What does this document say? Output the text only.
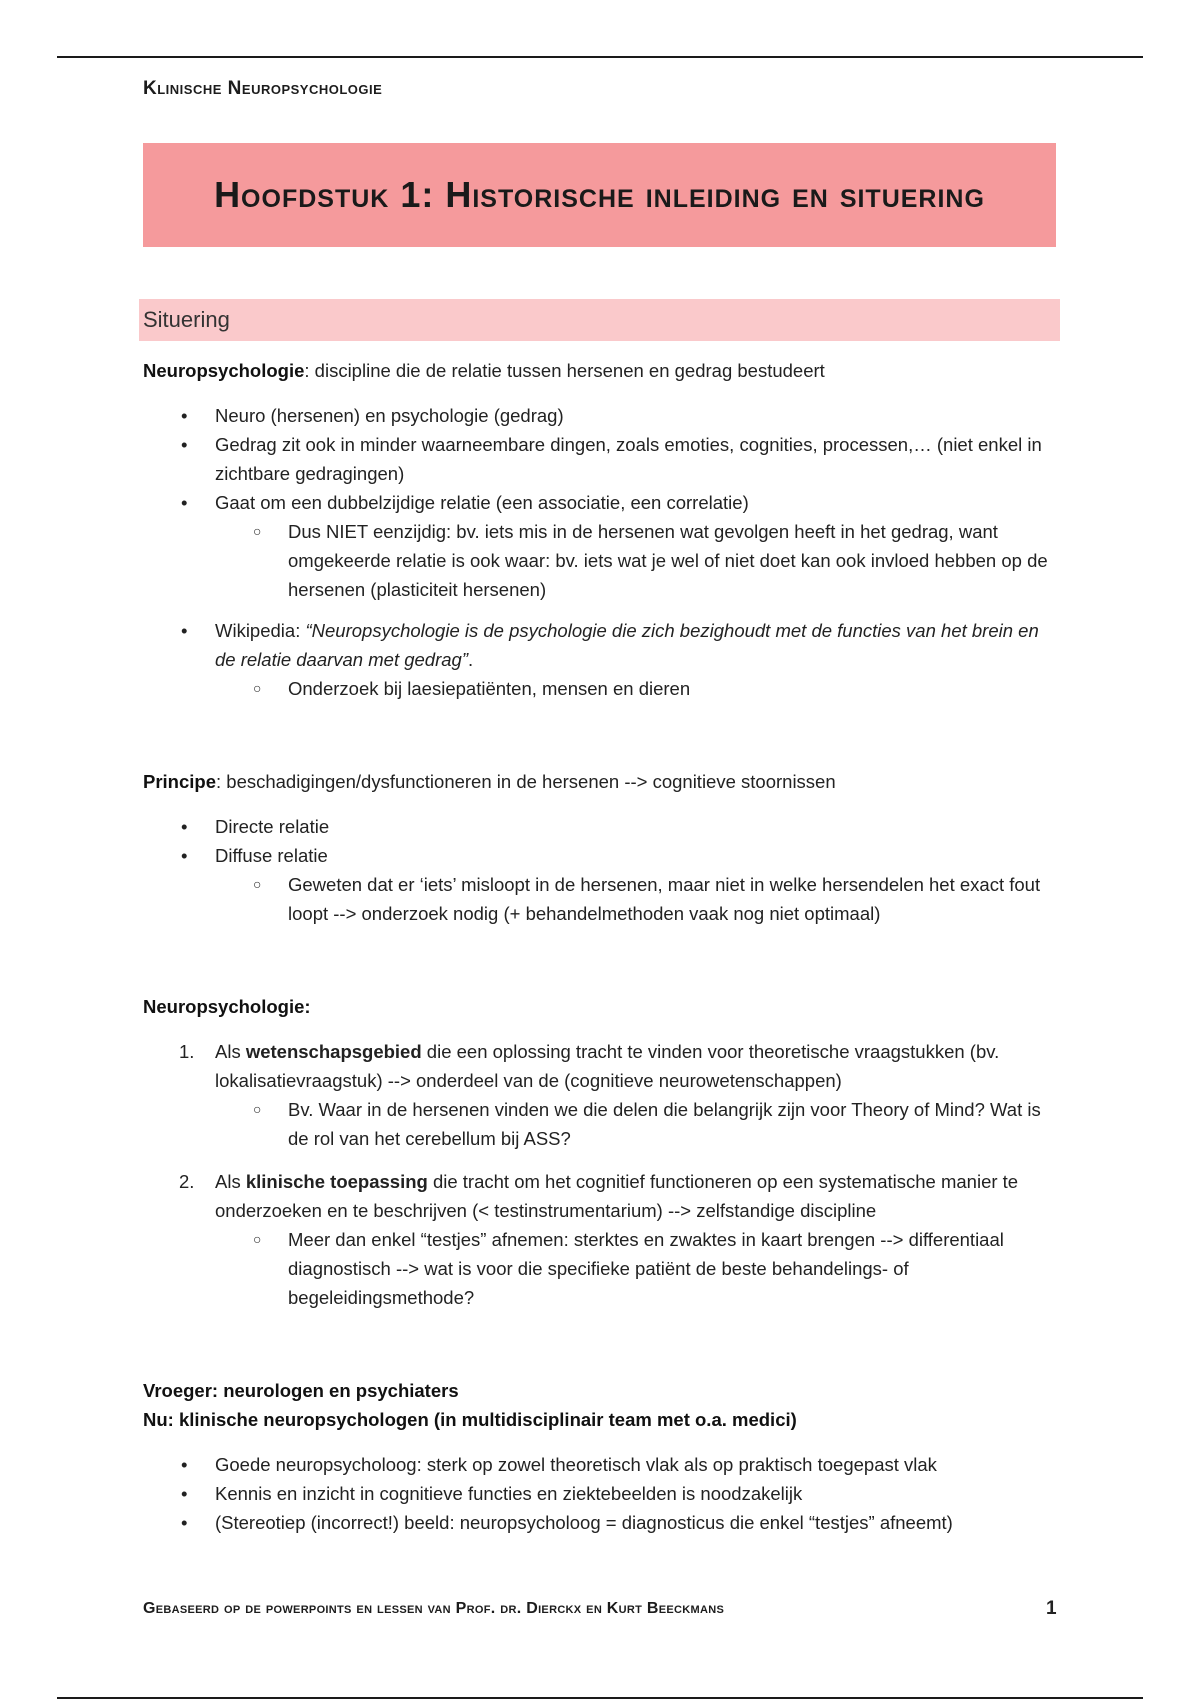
Klinische Neuropsychologie
Hoofdstuk 1: Historische inleiding en situering
Situering

Neuropsychologie: discipline die de relatie tussen hersenen en gedrag bestudeert

•	Neuro (hersenen) en psychologie (gedrag)
•	Gedrag zit ook in minder waarneembare dingen, zoals emoties, cognities, processen,… (niet enkel in zichtbare gedragingen)
•	Gaat om een dubbelzijdige relatie (een associatie, een correlatie)
○ Dus NIET eenzijdig: bv. iets mis in de hersenen wat gevolgen heeft in het gedrag, want omgekeerde relatie is ook waar: bv. iets wat je wel of niet doet kan ook invloed hebben op de hersenen (plasticiteit hersenen)
•	Wikipedia: “Neuropsychologie is de psychologie die zich bezighoudt met de functies van het brein en de relatie daarvan met gedrag”.
○ Onderzoek bij laesiepatiënten, mensen en dieren

Principe: beschadigingen/dysfunctioneren in de hersenen --> cognitieve stoornissen

•	Directe relatie
•	Diffuse relatie
○ Geweten dat er ‘iets’ misloopt in de hersenen, maar niet in welke hersendelen het exact fout loopt --> onderzoek nodig (+ behandelmethoden vaak nog niet optimaal)

Neuropsychologie:

1. Als wetenschapsgebied die een oplossing tracht te vinden voor theoretische vraagstukken (bv. lokalisatievraagstuk) --> onderdeel van de (cognitieve neurowetenschappen)
○ Bv. Waar in de hersenen vinden we die delen die belangrijk zijn voor Theory of Mind? Wat is de rol van het cerebellum bij ASS?
2. Als klinische toepassing die tracht om het cognitief functioneren op een systematische manier te onderzoeken en te beschrijven (< testinstrumentarium) --> zelfstandige discipline
○ Meer dan enkel “testjes” afnemen: sterktes en zwaktes in kaart brengen --> differentiaal diagnostisch --> wat is voor die specifieke patiënt de beste behandelings- of begeleidingsmethode?

Vroeger: neurologen en psychiaters

Nu: klinische neuropsychologen (in multidisciplinair team met o.a. medici)

•	Goede neuropsycholoog: sterk op zowel theoretisch vlak als op praktisch toegepast vlak
•	Kennis en inzicht in cognitieve functies en ziektebeelden is noodzakelijk
•	(Stereotiep (incorrect!) beeld: neuropsycholoog = diagnosticus die enkel “testjes” afneemt)
Gebaseerd op de powerpoints en lessen van Prof. dr. Dierckx en Kurt Beeckmans	1
